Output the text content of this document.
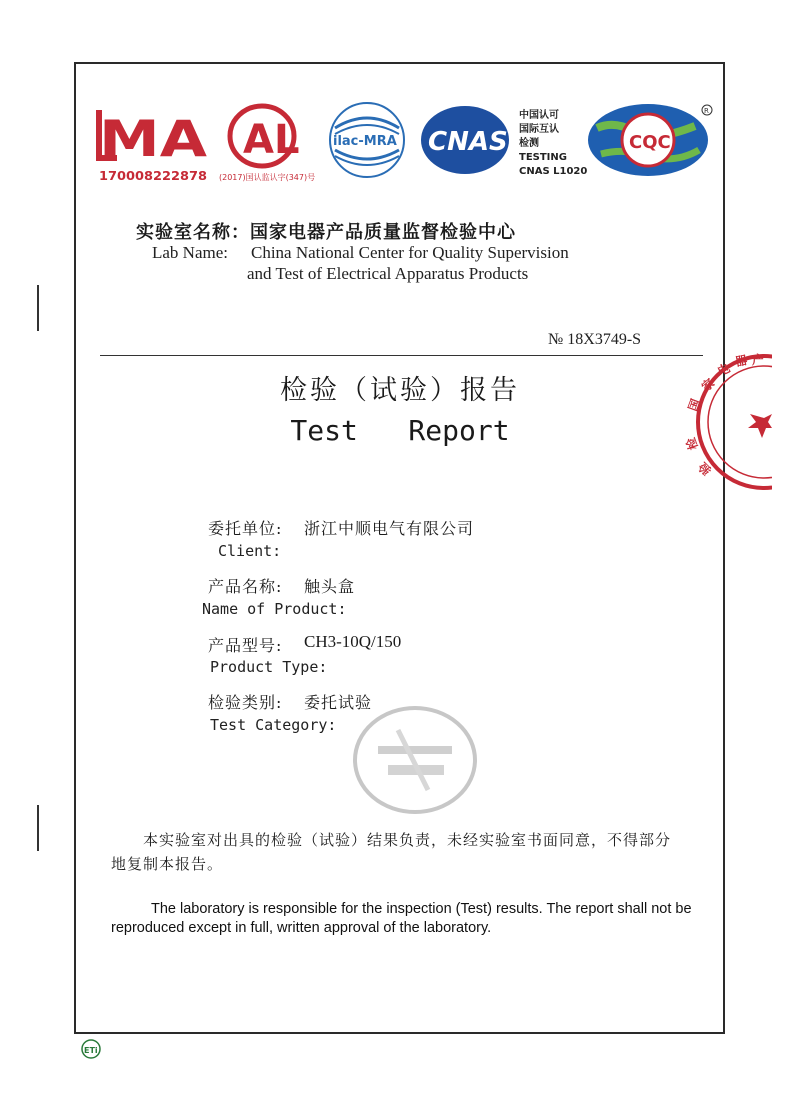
MA
170008222878
AL
(2017)国认监认字(347)号
ilac-MRA CNAS
中国认可
国际互认
检测
TESTING
CNAS L1020
CQC
R
实验室名称：国家电器产品质量监督检验中心
Lab Name: China National Center for Quality Supervision
and Test of Electrical Apparatus Products
№ 18X3749-S
检验（试验）报告
Test   Report
委托单位: 浙江中顺电气有限公司
Client:
产品名称: 触头盒
Name of Product:
产品型号: CH3-10Q/150
Product Type:
检验类别: 委托试验
Test Category:
家
电 器 产
国
检
验
本实验室对出具的检验（试验）结果负责，未经实验室书面同意，不得部分地复制本报告。
The laboratory is responsible for the inspection (Test) results. The report shall not be reproduced except in full, written approval of the laboratory.
ETi
